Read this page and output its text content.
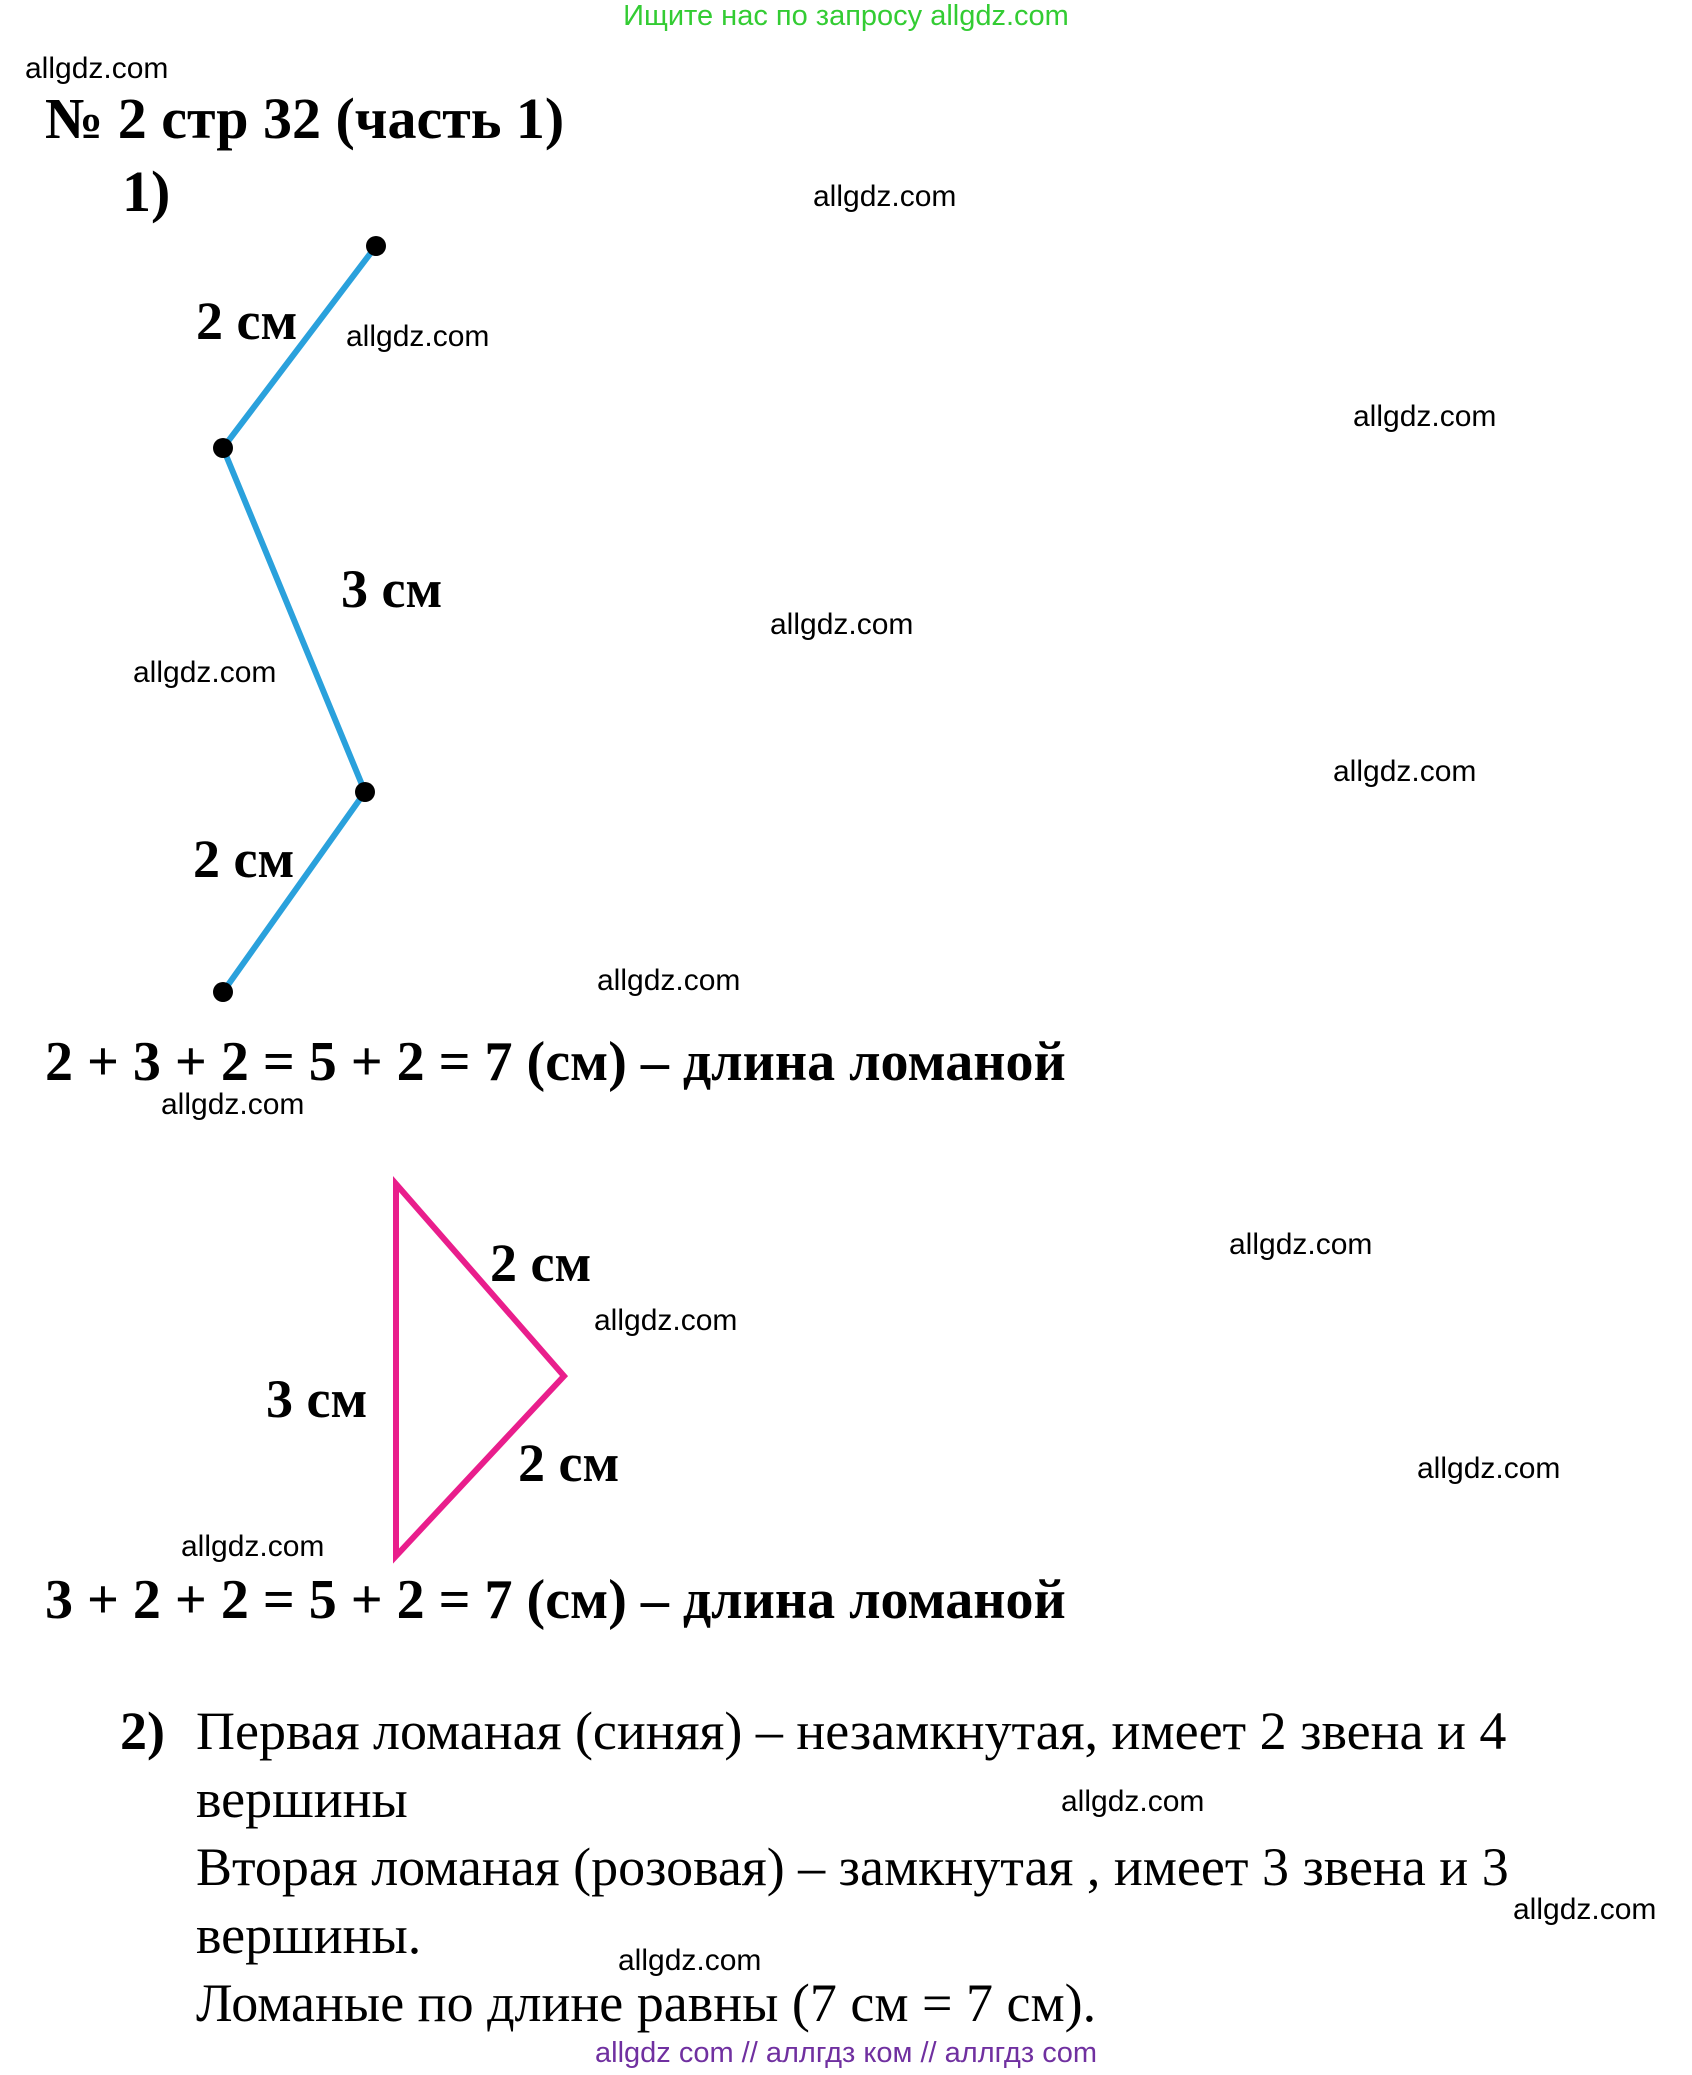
Ищите нас по запросу allgdz.com
allgdz.com
allgdz.com
allgdz.com
allgdz.com
allgdz.com
allgdz.com
allgdz.com
allgdz.com
allgdz.com
allgdz.com
allgdz.com
allgdz.com
allgdz.com
allgdz.com
allgdz.com
allgdz.com
№ 2 стр 32 (часть 1)
1)
2 см
3 см
2 см
2 + 3 + 2 = 5 + 2 = 7 (см) – длина ломаной
2 см
3 см
2 см
3 + 2 + 2 = 5 + 2 = 7 (см) – длина ломаной
2) Первая ломаная (синяя) – незамкнутая, имеет 2 звена и 4
вершины
Вторая ломаная (розовая) – замкнутая , имеет 3 звена и 3
вершины.
Ломаные по длине равны (7 см = 7 см).
allgdz com // аллгдз ком // аллгдз com
